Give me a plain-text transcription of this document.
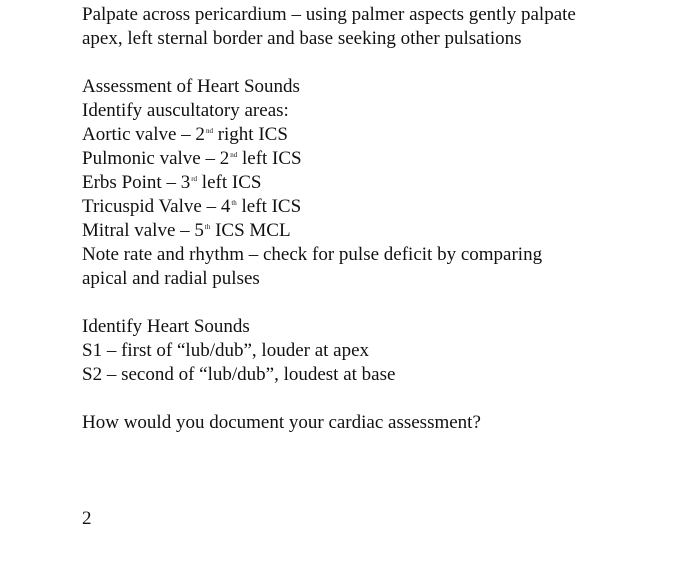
Palpate across pericardium – using palmer aspects gently palpate
apex, left sternal border and base seeking other pulsations
Assessment of Heart Sounds
Identify auscultatory areas:
Aortic valve – 2nd right ICS
Pulmonic valve – 2nd left ICS
Erbs Point – 3rd left ICS
Tricuspid Valve – 4th left ICS
Mitral valve – 5th ICS MCL
Note rate and rhythm – check for pulse deficit by comparing
apical and radial pulses
Identify Heart Sounds
S1 – first of “lub/dub”, louder at apex
S2 – second of “lub/dub”, loudest at base
How would you document your cardiac assessment?
2
